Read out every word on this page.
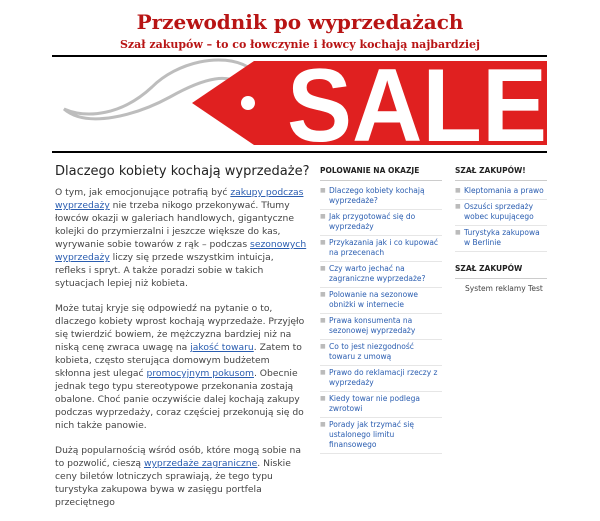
Przewodnik po wyprzedażach
Szał zakupów – to co łowczynie i łowcy kochają najbardziej
SALE
Dlaczego kobiety kochają wyprzedaże?

O tym, jak emocjonujące potrafią być zakupy podczas wyprzedaży nie trzeba nikogo przekonywać. Tłumy łowców okazji w galeriach handlowych, gigantyczne kolejki do przymierzalni i jeszcze większe do kas, wyrywanie sobie towarów z rąk – podczas sezonowych wyprzedaży liczy się przede wszystkim intuicja, refleks i spryt. A także poradzi sobie w takich sytuacjach lepiej niż kobieta.

Może tutaj kryje się odpowiedź na pytanie o to, dlaczego kobiety wprost kochają wyprzedaże. Przyjęło się twierdzić bowiem, że mężczyzna bardziej niż na niską cenę zwraca uwagę na jakość towaru. Zatem to kobieta, często sterująca domowym budżetem skłonna jest ulegać promocyjnym pokusom. Obecnie jednak tego typu stereotypowe przekonania zostają obalone. Choć panie oczywiście dalej kochają zakupy podczas wyprzedaży, coraz częściej przekonują się do nich także panowie.

Dużą popularnością wśród osób, które mogą sobie na to pozwolić, cieszą wyprzedaże zagraniczne. Niskie ceny biletów lotniczych sprawiają, że tego typu turystyka zakupowa bywa w zasięgu portfela przeciętnego

POLOWANIE NA OKAZJE
■ Dlaczego kobiety kochają wyprzedaże?
■ Jak przygotować się do wyprzedaży
■ Przykazania jak i co kupować na przecenach
■ Czy warto jechać na zagraniczne wyprzedaże?
■ Polowanie na sezonowe obniżki w internecie
■ Prawa konsumenta na sezonowej wyprzedaży
■ Co to jest niezgodność towaru z umową
■ Prawo do reklamacji rzeczy z wyprzedaży
■ Kiedy towar nie podlega zwrotowi
■ Porady jak trzymać się ustalonego limitu finansowego
SZAŁ ZAKUPÓW!
■ Kleptomania a prawo
■ Oszuści sprzedaży wobec kupującego
■ Turystyka zakupowa w Berlinie
SZAŁ ZAKUPÓW
System reklamy Test
